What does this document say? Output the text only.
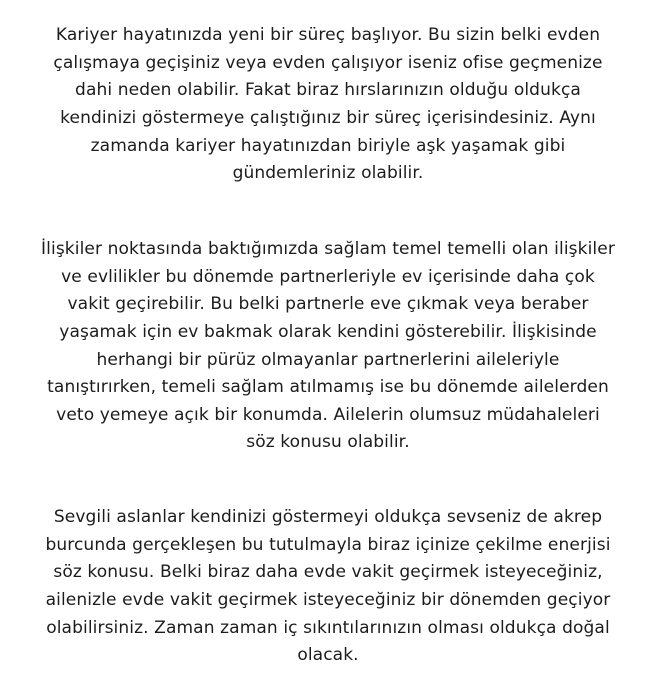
Kariyer hayatınızda yeni bir süreç başlıyor. Bu sizin belki evden
çalışmaya geçişiniz veya evden çalışıyor iseniz ofise geçmenize
dahi neden olabilir. Fakat biraz hırslarınızın olduğu oldukça
kendinizi göstermeye çalıştığınız bir süreç içerisindesiniz. Aynı
zamanda kariyer hayatınızdan biriyle aşk yaşamak gibi
gündemleriniz olabilir.

İlişkiler noktasında baktığımızda sağlam temel temelli olan ilişkiler
ve evlilikler bu dönemde partnerleriyle ev içerisinde daha çok
vakit geçirebilir. Bu belki partnerle eve çıkmak veya beraber
yaşamak için ev bakmak olarak kendini gösterebilir. İlişkisinde
herhangi bir pürüz olmayanlar partnerlerini aileleriyle
tanıştırırken, temeli sağlam atılmamış ise bu dönemde ailelerden
veto yemeye açık bir konumda. Ailelerin olumsuz müdahaleleri
söz konusu olabilir.

Sevgili aslanlar kendinizi göstermeyi oldukça sevseniz de akrep
burcunda gerçekleşen bu tutulmayla biraz içinize çekilme enerjisi
söz konusu. Belki biraz daha evde vakit geçirmek isteyeceğiniz,
ailenizle evde vakit geçirmek isteyeceğiniz bir dönemden geçiyor
olabilirsiniz. Zaman zaman iç sıkıntılarınızın olması oldukça doğal
olacak.
